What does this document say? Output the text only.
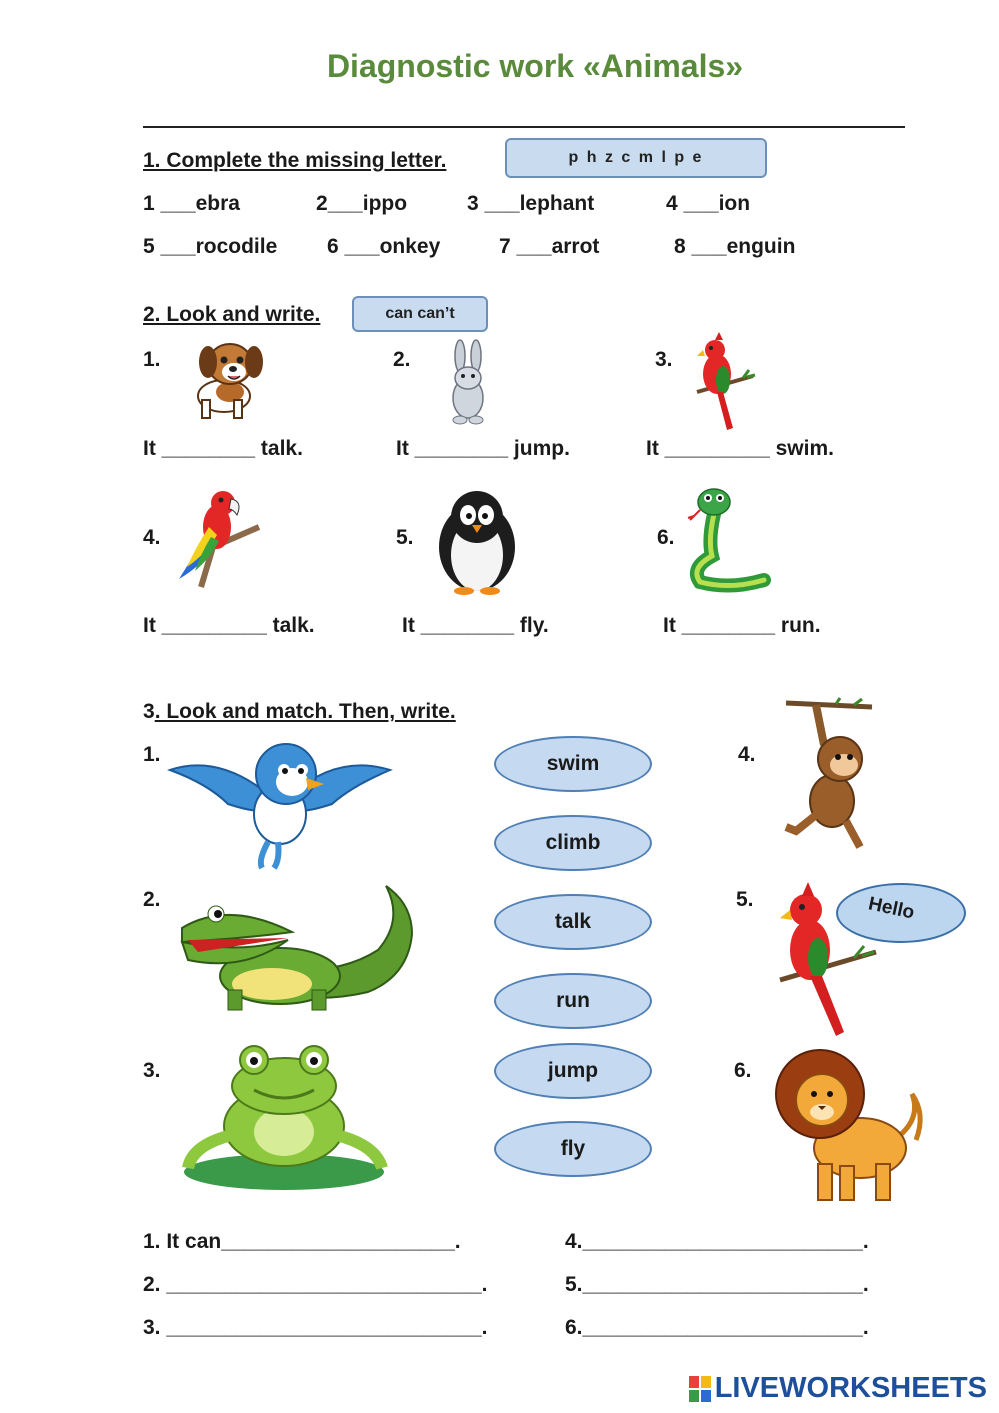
Diagnostic work «Animals»
1. Complete the missing letter.	p h z c m l p e
1 ___ebra	2___ippo	3 ___lephant	4 ___ion
5 ___rocodile 6 ___onkey	7 ___arrot	8 ___enguin
2. Look and write.	can can’t
1.	2.	3.
4.	5.	6.
It ________ talk.	It ________ jump.	It _________ swim.
It _________ talk.	It ________ fly.	It ________ run.
3. Look and match. Then, write.
1.
2.
3.
4.
5.
6.
Hello
swim
climb
talk
run
jump
fly
1. It can____________________.
2. ___________________________.
3. ___________________________.
4.________________________.
5.________________________.
6.________________________.
LIVEWORKSHEETS
